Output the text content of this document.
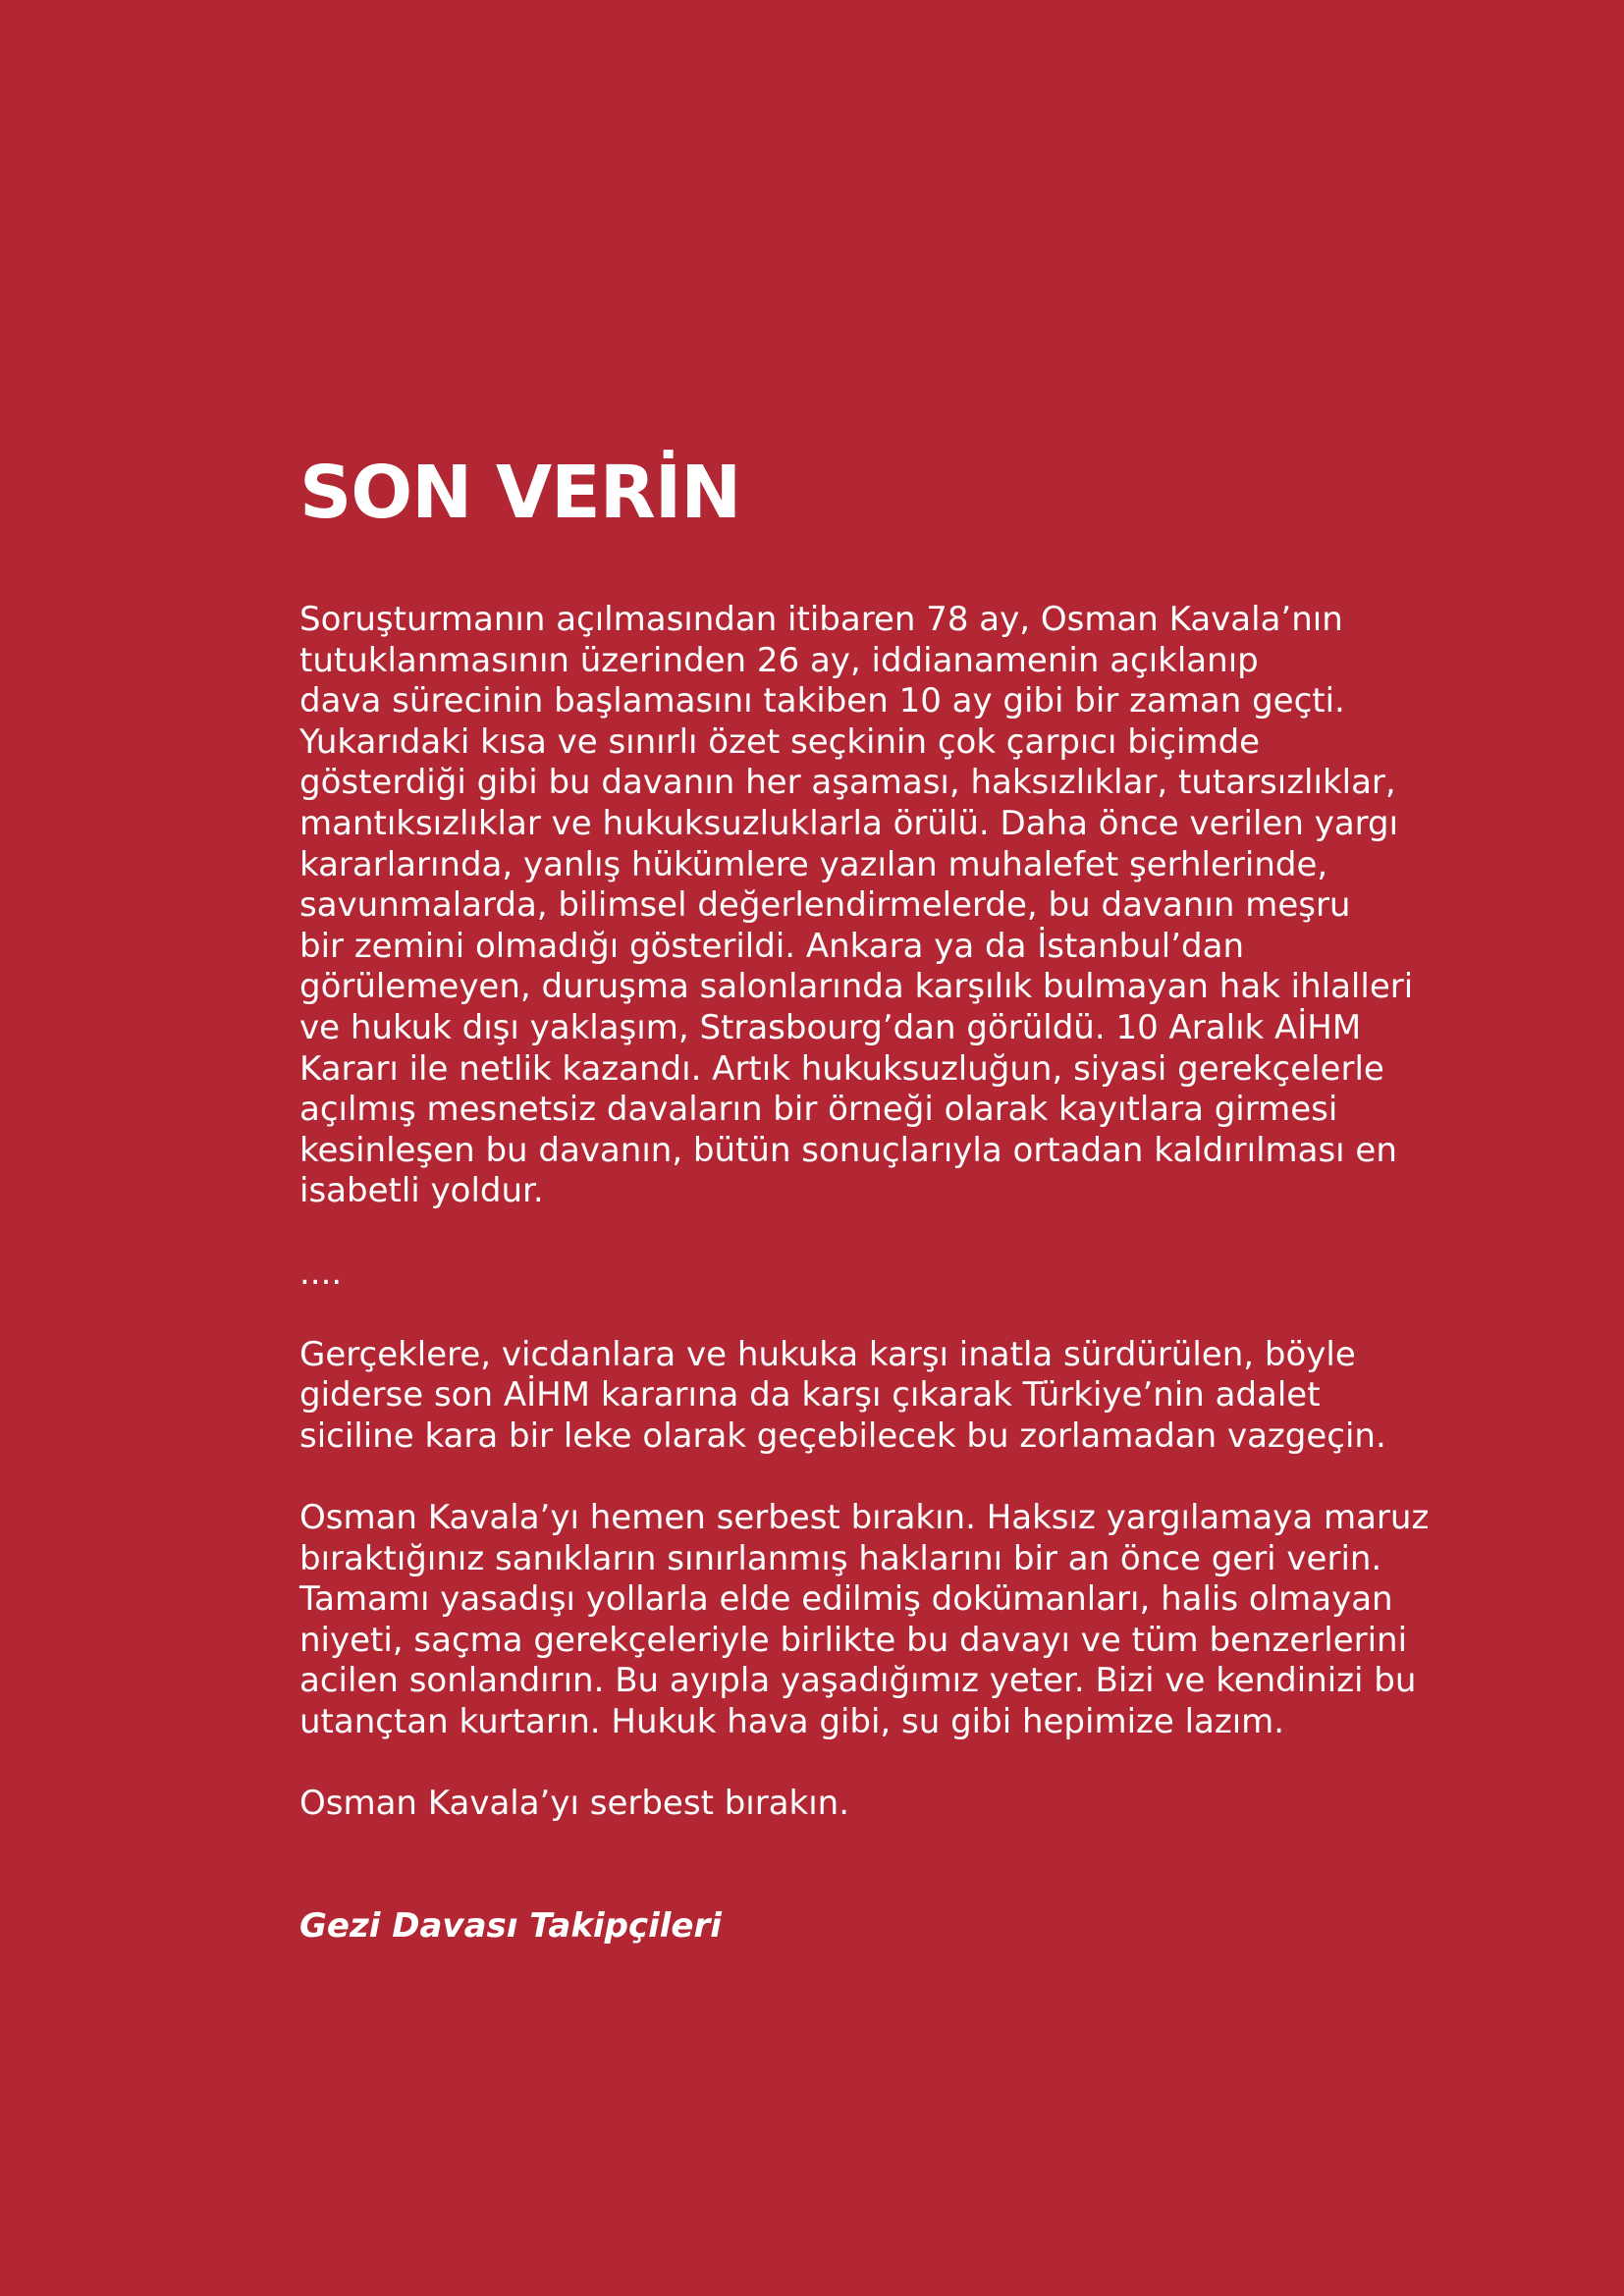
SON VERİN
Soruşturmanın açılmasından itibaren 78 ay, Osman Kavala’nın
tutuklanmasının üzerinden 26 ay, iddianamenin açıklanıp
dava sürecinin başlamasını takiben 10 ay gibi bir zaman geçti.
Yukarıdaki kısa ve sınırlı özet seçkinin çok çarpıcı biçimde
gösterdiği gibi bu davanın her aşaması, haksızlıklar, tutarsızlıklar,
mantıksızlıklar ve hukuksuzluklarla örülü. Daha önce verilen yargı
kararlarında, yanlış hükümlere yazılan muhalefet şerhlerinde,
savunmalarda, bilimsel değerlendirmelerde, bu davanın meşru
bir zemini olmadığı gösterildi. Ankara ya da İstanbul’dan
görülemeyen, duruşma salonlarında karşılık bulmayan hak ihlalleri
ve hukuk dışı yaklaşım, Strasbourg’dan görüldü. 10 Aralık AİHM
Kararı ile netlik kazandı. Artık hukuksuzluğun, siyasi gerekçelerle
açılmış mesnetsiz davaların bir örneği olarak kayıtlara girmesi
kesinleşen bu davanın, bütün sonuçlarıyla ortadan kaldırılması en
isabetli yoldur.
....
Gerçeklere, vicdanlara ve hukuka karşı inatla sürdürülen, böyle
giderse son AİHM kararına da karşı çıkarak Türkiye’nin adalet
siciline kara bir leke olarak geçebilecek bu zorlamadan vazgeçin.
Osman Kavala’yı hemen serbest bırakın. Haksız yargılamaya maruz
bıraktığınız sanıkların sınırlanmış haklarını bir an önce geri verin.
Tamamı yasadışı yollarla elde edilmiş dokümanları, halis olmayan
niyeti, saçma gerekçeleriyle birlikte bu davayı ve tüm benzerlerini
acilen sonlandırın. Bu ayıpla yaşadığımız yeter. Bizi ve kendinizi bu
utançtan kurtarın. Hukuk hava gibi, su gibi hepimize lazım.
Osman Kavala’yı serbest bırakın.
Gezi Davası Takipçileri
